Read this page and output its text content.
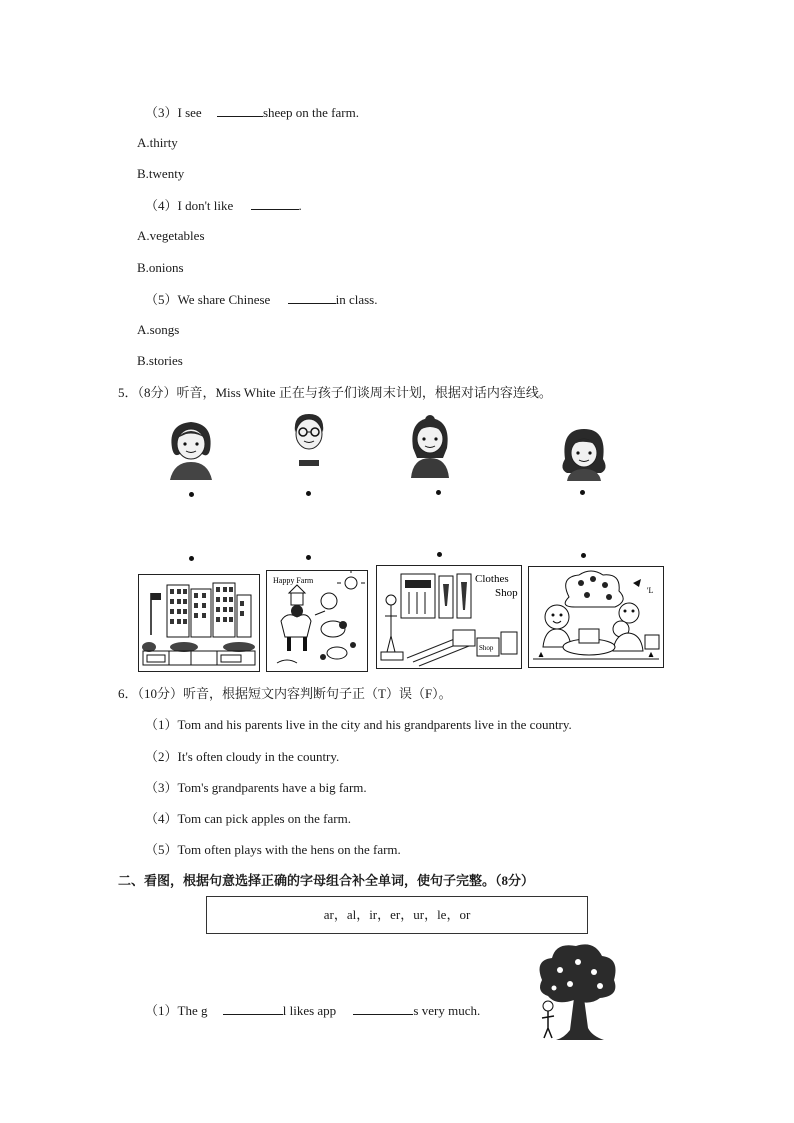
（3）I see	sheep on the farm.
A.thirty
B.twenty
（4）I don't like	.
A.vegetables
B.onions
（5）We share Chinese	in class.
A.songs
B.stories
5．（8分）听音，Miss White 正在与孩子们谈周末计划，根据对话内容连线。
Happy Farm	Clothes
Shop
Shop
'L
6．（10分）听音，根据短文内容判断句子正（T）误（F）。
（1）Tom and his parents live in the city and his grandparents live in the country.
（2）It's often cloudy in the country.
（3）Tom's grandparents have a big farm.
（4）Tom can pick apples on the farm.
（5）Tom often plays with the hens on the farm.
二、看图，根据句意选择正确的字母组合补全单词，使句子完整。（8分）
ar，al，ir，er，ur，le，or
（1）The g	l likes app	s very much.
